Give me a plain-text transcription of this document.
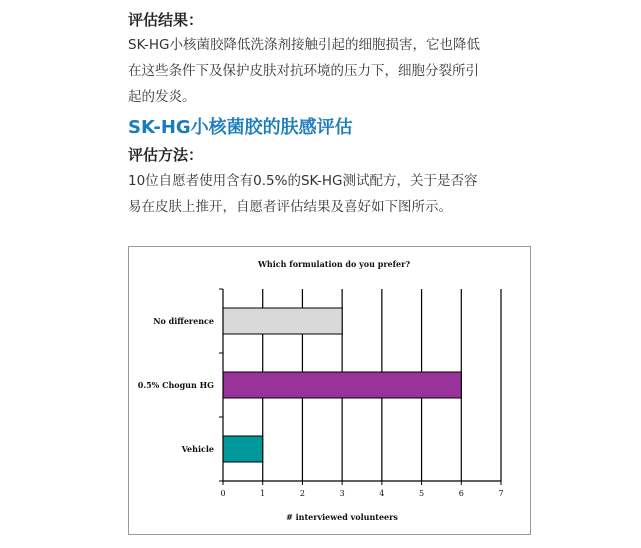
评估结果：
SK-HG小核菌胶降低洗涤剂接触引起的细胞损害，它也降低
在这些条件下及保护皮肤对抗环境的压力下，细胞分裂所引
起的发炎。
SK-HG小核菌胶的肤感评估
评估方法：
10位自愿者使用含有0.5%的SK-HG测试配方，关于是否容
易在皮肤上推开，自愿者评估结果及喜好如下图所示。
0	1	2	3	4	5	6	7
No difference
0.5% Chogun HG
Vehicle
Which formulation do you prefer?
# interviewed volunteers
